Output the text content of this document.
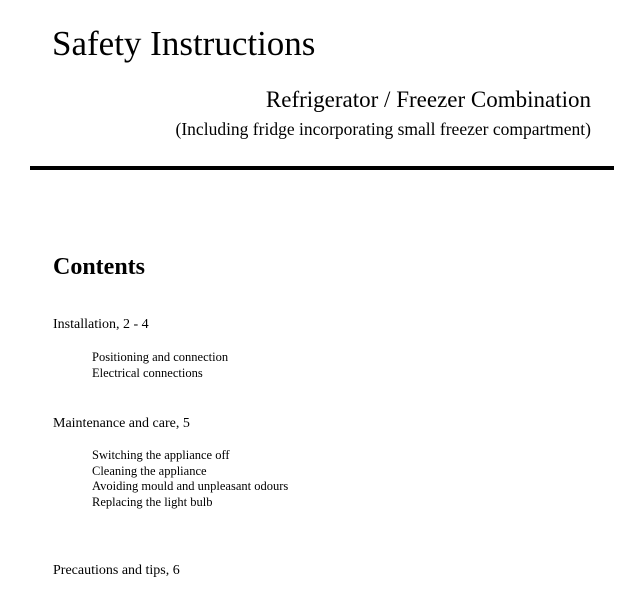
Safety Instructions
Refrigerator / Freezer Combination
(Including fridge incorporating small freezer compartment)
Contents
Installation, 2 - 4
Positioning and connection
Electrical connections
Maintenance and care, 5
Switching the appliance off
Cleaning the appliance
Avoiding mould and unpleasant odours
Replacing the light bulb
Precautions and tips, 6
